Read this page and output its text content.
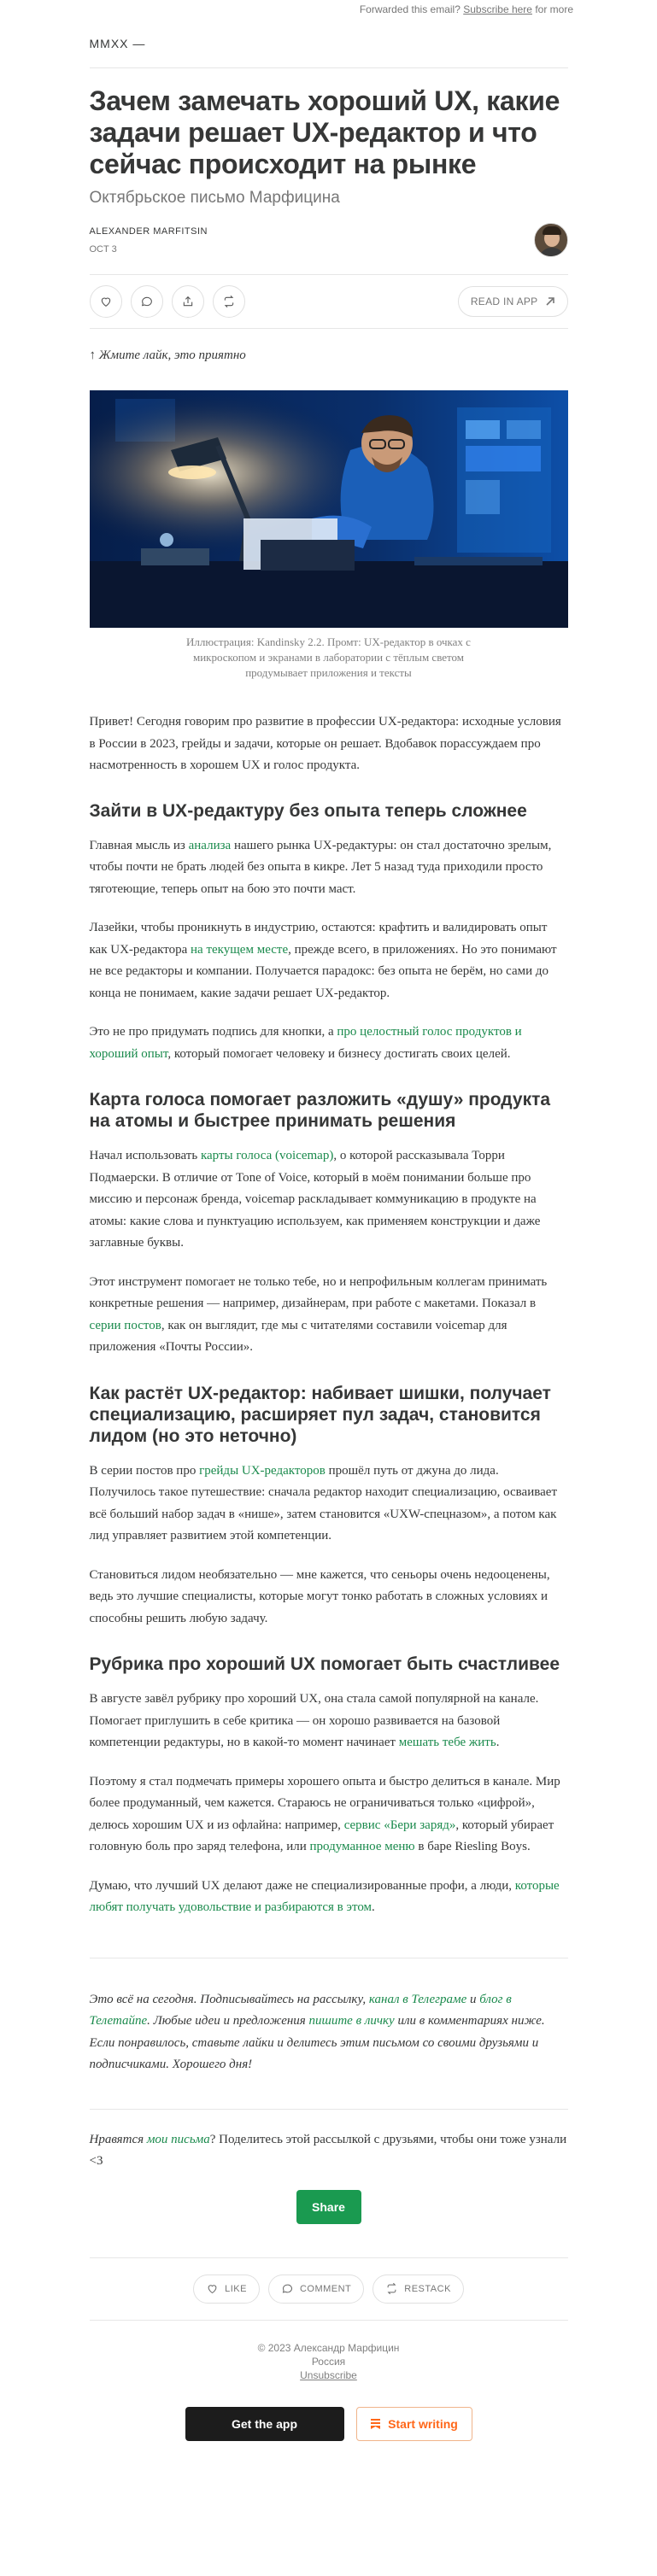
Forwarded this email? Subscribe here for more
MMXX —
Зачем замечать хороший UX, какие задачи решает UX-редактор и что сейчас происходит на рынке
Октябрьское письмо Марфицина
ALEXANDER MARFITSIN
OCT 3
READ IN APP
↑ Жмите лайк, это приятно
Иллюстрация: Kandinsky 2.2. Промт: UX-редактор в очках с микроскопом и экранами в лаборатории с тёплым светом продумывает приложения и тексты

Привет! Сегодня говорим про развитие в профессии UX-редактора: исходные условия в России в 2023, грейды и задачи, которые он решает. Вдобавок порассуждаем про насмотренность в хорошем UX и голос продукта.

Зайти в UX-редактуру без опыта теперь сложнее

Главная мысль из анализа нашего рынка UX-редактуры: он стал достаточно зрелым, чтобы почти не брать людей без опыта в кикре. Лет 5 назад туда приходили просто тяготеющие, теперь опыт на бою это почти маст.

Лазейки, чтобы проникнуть в индустрию, остаются: крафтить и валидировать опыт как UX-редактора на текущем месте, прежде всего, в приложениях. Но это понимают не все редакторы и компании. Получается парадокс: без опыта не берём, но сами до конца не понимаем, какие задачи решает UX-редактор.

Это не про придумать подпись для кнопки, а про целостный голос продуктов и хороший опыт, который помогает человеку и бизнесу достигать своих целей.

Карта голоса помогает разложить «душу» продукта на атомы и быстрее принимать решения

Начал использовать карты голоса (voicemap), о которой рассказывала Торри Подмаерски. В отличие от Tone of Voice, который в моём понимании больше про миссию и персонаж бренда, voicemap раскладывает коммуникацию в продукте на атомы: какие слова и пунктуацию используем, как применяем конструкции и даже заглавные буквы.

Этот инструмент помогает не только тебе, но и непрофильным коллегам принимать конкретные решения — например, дизайнерам, при работе с макетами. Показал в серии постов, как он выглядит, где мы с читателями составили voicemap для приложения «Почты России».

Как растёт UX-редактор: набивает шишки, получает специализацию, расширяет пул задач, становится лидом (но это неточно)

В серии постов про грейды UX-редакторов прошёл путь от джуна до лида. Получилось такое путешествие: сначала редактор находит специализацию, осваивает всё больший набор задач в «нише», затем становится «UXW-спецназом», а потом как лид управляет развитием этой компетенции.

Становиться лидом необязательно — мне кажется, что сеньоры очень недооценены, ведь это лучшие специалисты, которые могут тонко работать в сложных условиях и способны решить любую задачу.

Рубрика про хороший UX помогает быть счастливее

В августе завёл рубрику про хороший UX, она стала самой популярной на канале. Помогает приглушить в себе критика — он хорошо развивается на базовой компетенции редактуры, но в какой-то момент начинает мешать тебе жить.

Поэтому я стал подмечать примеры хорошего опыта и быстро делиться в канале. Мир более продуманный, чем кажется. Стараюсь не ограничиваться только «цифрой», делюсь хорошим UX и из офлайна: например, сервис «Бери заряд», который убирает головную боль про заряд телефона, или продуманное меню в баре Riesling Boys.

Думаю, что лучший UX делают даже не специализированные профи, а люди, которые любят получать удовольствие и разбираются в этом.

Это всё на сегодня. Подписывайтесь на рассылку, канал в Телеграме и блог в Телетайпе. Любые идеи и предложения пишите в личку или в комментариях ниже. Если понравилось, ставьте лайки и делитесь этим письмом со своими друзьями и подписчиками. Хорошего дня!

Нравятся мои письма? Поделитесь этой рассылкой с друзьями, чтобы они тоже узнали <3

Share
LIKE	COMMENT	RESTACK
© 2023 Александр Марфицин
Россия
Unsubscribe
Get the app	Start writing
